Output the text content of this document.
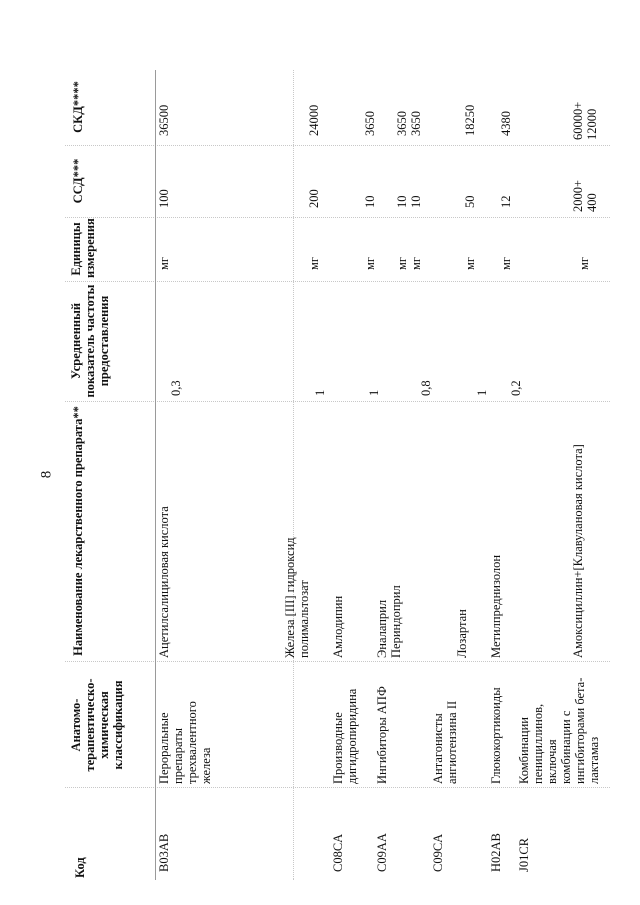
8
Код
Анатомо-терапевтическо-химическая классификация
Наименование лекарственного препарата**
Усредненный показатель частоты предоставления
Единицы измерения
ССД***
СКД****
B03AB
Пероральные препараты трехвалентного железа
Ацетилсалициловая кислота
0,3
мг
100
36500
Железа [III] гидроксид полимальтозат
1
мг
200
24000
C08CA
Производные дигидропиридина
Амлодипин
1
мг
10
3650
C09AA
Ингибиторы АПФ
Эналаприл
мг
10
3650
Периндоприл
мг
10
3650
C09CA
Антагонисты ангиотензина II
Лозартан
0,8
мг
50
18250
H02AB
Глюкокортикоиды
Метилпреднизолон
1
мг
12
4380
J01CR
Комбинации пенициллинов, включая комбинации с ингибиторами бета-лактамаз
Амоксициллин+[Клавулановая кислота]
0,2
мг
2000+ 400
60000+ 12000
